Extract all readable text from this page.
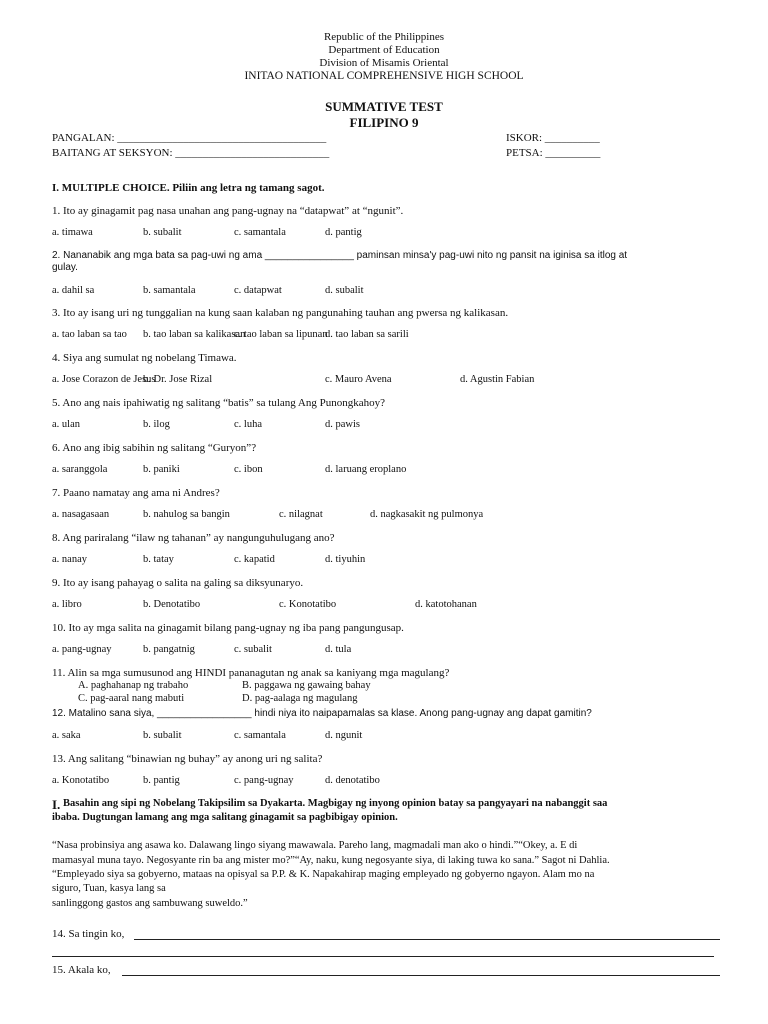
Republic of the Philippines
Department of Education
Division of Misamis Oriental
INITAO NATIONAL COMPREHENSIVE HIGH SCHOOL
SUMMATIVE TEST
FILIPINO 9
PANGALAN: ______________________________________	ISKOR: __________
BAITANG AT SEKSYON: ____________________________	PETSA: __________
I. MULTIPLE CHOICE. Piliin ang letra ng tamang sagot.
1. Ito ay ginagamit pag nasa unahan ang pang-ugnay na “datapwat” at “ngunit”.
a. timawa	b. subalit	c. samantala	d. pantig
2. Nananabik ang mga bata sa pag-uwi ng ama ________________ paminsan minsa'y pag-uwi nito ng pansit na iginisa sa itlog at
gulay.
a. dahil sa	b. samantala	c. datapwat	d. subalit
3. Ito ay isang uri ng tunggalian na kung saan kalaban ng pangunahing tauhan ang pwersa ng kalikasan.
a. tao laban sa tao b. tao laban sa kalikasan
c. tao laban sa lipunan
d. tao laban sa sarili
4. Siya ang sumulat ng nobelang Timawa.
a. Jose Corazon de Jesus
b. Dr. Jose Rizal	c. Mauro Avena	d. Agustin Fabian
5. Ano ang nais ipahiwatig ng salitang “batis” sa tulang Ang Punongkahoy?
a. ulan	b. ilog	c. luha	d. pawis
6. Ano ang ibig sabihin ng salitang “Guryon”?
a. saranggola	b. paniki	c. ibon	d. laruang eroplano
7. Paano namatay ang ama ni Andres?
a. nasagasaan	b. nahulog sa bangin	c. nilagnat	d. nagkasakit ng pulmonya
8. Ang pariralang “ilaw ng tahanan” ay nangunguhulugang ano?
a. nanay	b. tatay	c. kapatid	d. tiyuhin
9. Ito ay isang pahayag o salita na galing sa diksyunaryo.
a. libro	b. Denotatibo	c. Konotatibo	d. katotohanan
10. Ito ay mga salita na ginagamit bilang pang-ugnay ng iba pang pangungusap.
a. pang-ugnay	b. pangatnig	c. subalit	d. tula
11. Alin sa mga sumusunod ang HINDI pananagutan ng anak sa kaniyang mga magulang?
A. paghahanap ng trabaho	B. paggawa ng gawaing bahay
C. pag-aaral nang mabuti	D. pag-aalaga ng magulang
12. Matalino sana siya, _________________ hindi niya ito naipapamalas sa klase. Anong pang-ugnay ang dapat gamitin?
a. saka	b. subalit	c. samantala	d. ngunit
13. Ang salitang “binawian ng buhay” ay anong uri ng salita?
a. Konotatibo	b. pantig	c. pang-ugnay	d. denotatibo
I. Basahin ang sipi ng Nobelang Takipsilim sa Dyakarta. Magbigay ng inyong opinion batay sa pangyayari na nabanggit saa
ibaba. Dugtungan lamang ang mga salitang ginagamit sa pagbibigay opinion.
“Nasa probinsiya ang asawa ko. Dalawang lingo siyang mawawala. Pareho lang, magmadali man ako o hindi.”“Okey, a. E di
mamasyal muna tayo. Negosyante rin ba ang mister mo?”“Ay, naku, kung negosyante siya, di laking tuwa ko sana.” Sagot ni Dahlia.
“Empleyado siya sa gobyerno, mataas na opisyal sa P.P. & K. Napakahirap maging empleyado ng gobyerno ngayon. Alam mo na
siguro, Tuan, kasya lang sa
sanlinggong gastos ang sambuwang suweldo.”
14. Sa tingin ko,
15. Akala ko,
